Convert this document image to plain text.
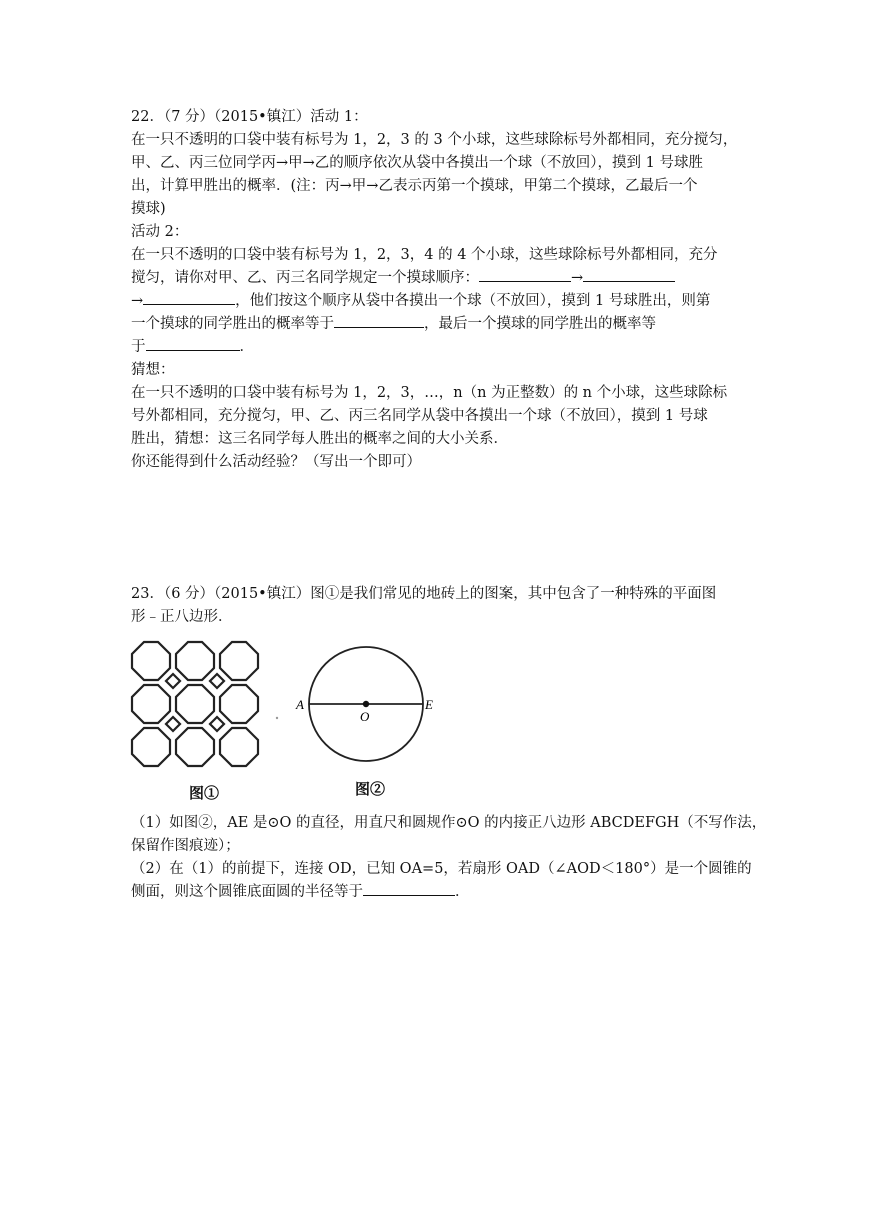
22．（7 分）（2015•镇江）活动 1：
在一只不透明的口袋中装有标号为 1，2，3 的 3 个小球，这些球除标号外都相同，充分搅匀，
甲、乙、丙三位同学丙→甲→乙的顺序依次从袋中各摸出一个球（不放回），摸到 1 号球胜
出，计算甲胜出的概率．(注：丙→甲→乙表示丙第一个摸球，甲第二个摸球，乙最后一个
摸球)
活动 2：
在一只不透明的口袋中装有标号为 1，2，3，4 的 4 个小球，这些球除标号外都相同，充分
搅匀，请你对甲、乙、丙三名同学规定一个摸球顺序：	→
→	，他们按这个顺序从袋中各摸出一个球（不放回），摸到 1 号球胜出，则第
一个摸球的同学胜出的概率等于	，最后一个摸球的同学胜出的概率等
于	．
猜想：
在一只不透明的口袋中装有标号为 1，2，3，…，n（n 为正整数）的 n 个小球，这些球除标
号外都相同，充分搅匀，甲、乙、丙三名同学从袋中各摸出一个球（不放回），摸到 1 号球
胜出，猜想：这三名同学每人胜出的概率之间的大小关系．
你还能得到什么活动经验？（写出一个即可）
23．（6 分）（2015•镇江）图①是我们常见的地砖上的图案，其中包含了一种特殊的平面图
形﹣正八边形．
图①
A
O
E
图②
（1）如图②，AE 是⊙O 的直径，用直尺和圆规作⊙O 的内接正八边形 ABCDEFGH（不写作法，
保留作图痕迹）；
（2）在（1）的前提下，连接 OD，已知 OA=5，若扇形 OAD（∠AOD＜180°）是一个圆锥的
侧面，则这个圆锥底面圆的半径等于	．
